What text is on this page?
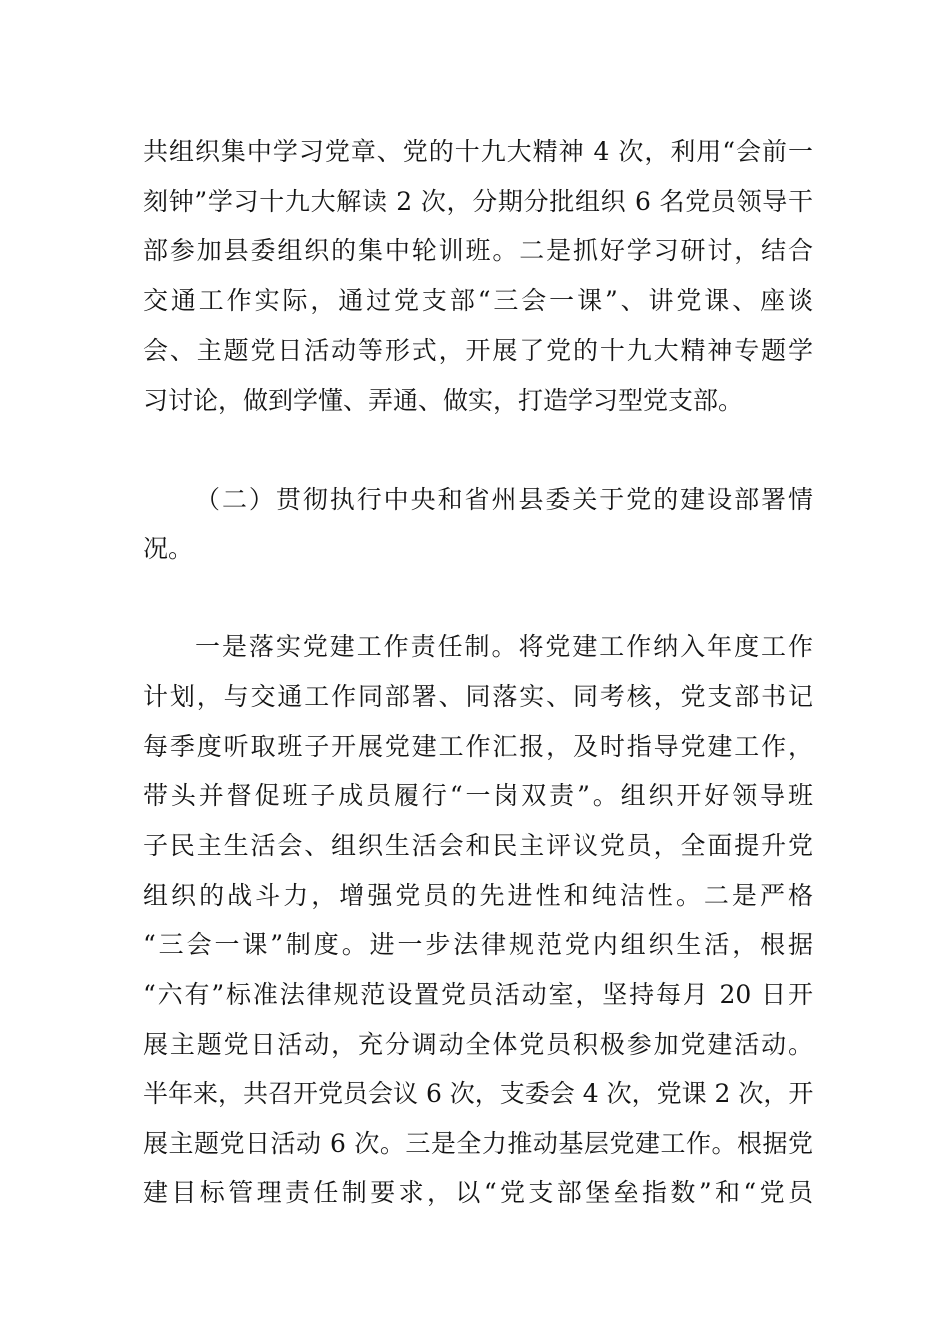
共组织集中学习党章、党的十九大精神 4 次，利用“会前一
刻钟”学习十九大解读 2 次，分期分批组织 6 名党员领导干
部参加县委组织的集中轮训班。二是抓好学习研讨，结合
交通工作实际，通过党支部“三会一课”、讲党课、座谈
会、主题党日活动等形式，开展了党的十九大精神专题学
习讨论，做到学懂、弄通、做实，打造学习型党支部。
（二）贯彻执行中央和省州县委关于党的建设部署情
况。
一是落实党建工作责任制。将党建工作纳入年度工作
计划，与交通工作同部署、同落实、同考核，党支部书记
每季度听取班子开展党建工作汇报，及时指导党建工作，
带头并督促班子成员履行“一岗双责”。组织开好领导班
子民主生活会、组织生活会和民主评议党员，全面提升党
组织的战斗力，增强党员的先进性和纯洁性。二是严格
“三会一课”制度。进一步法律规范党内组织生活，根据
“六有”标准法律规范设置党员活动室，坚持每月 20 日开
展主题党日活动，充分调动全体党员积极参加党建活动。
半年来，共召开党员会议 6 次，支委会 4 次，党课 2 次，开
展主题党日活动 6 次。三是全力推动基层党建工作。根据党
建目标管理责任制要求，以“党支部堡垒指数”和“党员
